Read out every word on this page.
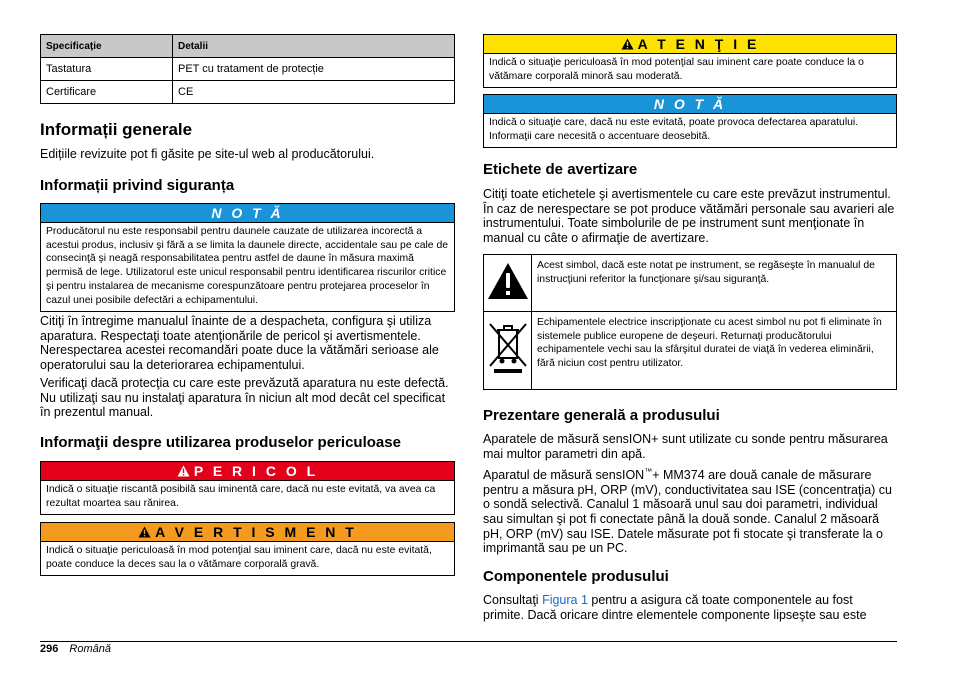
Specificație	Detalii
Tastatura	PET cu tratament de protecție
Certificare	CE
Informații generale

Edițiile revizuite pot fi găsite pe site-ul web al producătorului.

Informații privind siguranța
N O T Ă
Producătorul nu este responsabil pentru daunele cauzate de utilizarea incorectă a acestui produs, inclusiv şi fără a se limita la daunele directe, accidentale sau pe cale de consecinţă şi neagă responsabilitatea pentru astfel de daune în măsura maximă permisă de lege. Utilizatorul este unicul responsabil pentru identificarea riscurilor critice şi pentru instalarea de mecanisme corespunzătoare pentru protejarea proceselor în cazul unei posibile defectări a echipamentului.

Citiţi în întregime manualul înainte de a despacheta, configura şi utiliza aparatura. Respectaţi toate atenţionările de pericol şi avertismentele. Nerespectarea acestei recomandări poate duce la vătămări serioase ale operatorului sau la deteriorarea echipamentului.

Verificaţi dacă protecţia cu care este prevăzută aparatura nu este defectă. Nu utilizaţi sau nu instalaţi aparatura în niciun alt mod decât cel specificat în prezentul manual.

Informaţii despre utilizarea produselor periculoase
P E R I C O L
Indică o situaţie riscantă posibilă sau iminentă care, dacă nu este evitată, va avea ca rezultat moartea sau rănirea.
A V E R T I S M E N T
Indică o situaţie periculoasă în mod potenţial sau iminent care, dacă nu este evitată, poate conduce la deces sau la o vătămare corporală gravă.
A T E N Ţ I E
Indică o situaţie periculoasă în mod potenţial sau iminent care poate conduce la o vătămare corporală minoră sau moderată.
N O T Ă
Indică o situaţie care, dacă nu este evitată, poate provoca defectarea aparatului. Informaţii care necesită o accentuare deosebită.
Etichete de avertizare

Citiţi toate etichetele şi avertismentele cu care este prevăzut instrumentul. În caz de nerespectare se pot produce vătămări personale sau avarieri ale instrumentului. Toate simbolurile de pe instrument sunt menţionate în manual cu câte o afirmaţie de avertizare.

	Acest simbol, dacă este notat pe instrument, se regăseşte în manualul de instrucţiuni referitor la funcţionare şi/sau siguranţă.
	Echipamentele electrice inscripţionate cu acest simbol nu pot fi eliminate în sistemele publice europene de deşeuri. Returnaţi producătorului echipamentele vechi sau la sfârşitul duratei de viaţă în vederea eliminării, fără niciun cost pentru utilizator.
Prezentare generală a produsului

Aparatele de măsură sensION+ sunt utilizate cu sonde pentru măsurarea mai multor parametri din apă.

Aparatul de măsură sensION™+ MM374 are două canale de măsurare pentru a măsura pH, ORP (mV), conductivitatea sau ISE (concentraţia) cu o sondă selectivă. Canalul 1 măsoară unul sau doi parametri, individual sau simultan şi pot fi conectate până la două sonde. Canalul 2 măsoară pH, ORP (mV) sau ISE. Datele măsurate pot fi stocate şi transferate la o imprimantă sau pe un PC.

Componentele produsului

Consultaţi Figura 1 pentru a asigura că toate componentele au fost primite. Dacă oricare dintre elementele componente lipseşte sau este

296 Română
